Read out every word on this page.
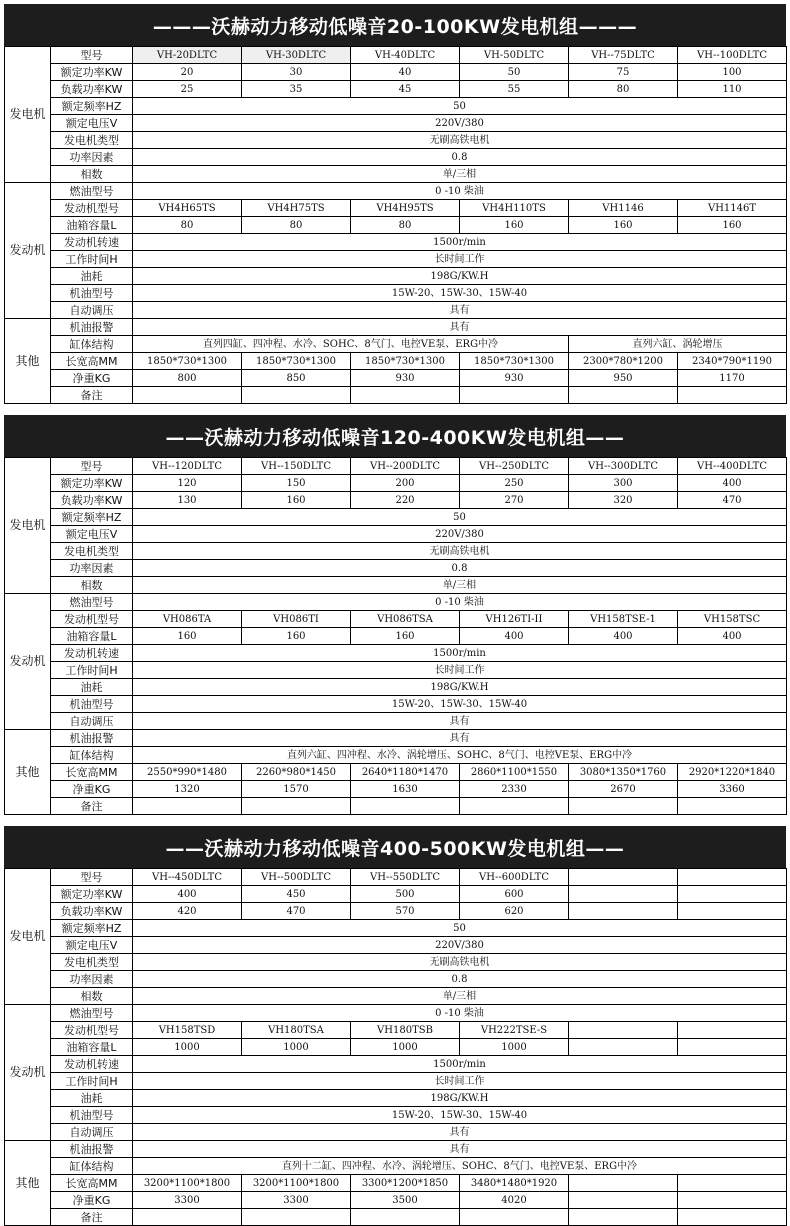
———沃赫动力移动低噪音20-100KW发电机组———
发电机	型号	VH-20DLTC	VH-30DLTC	VH-40DLTC	VH-50DLTC	VH--75DLTC	VH--100DLTC
	额定功率KW	20	30	40	50	75	100
	负载功率KW	25	35	45	55	80	110
	额定频率HZ	50					
	额定电压V	220V/380					
	发电机类型	无刷高铁电机					
	功率因素	0.8					
	相数	单/三相					
发动机	燃油型号	0 -10 柴油					
	发动机型号	VH4H65TS	VH4H75TS	VH4H95TS	VH4H110TS	VH1146	VH1146T
	油箱容量L	80	80	80	160	160	160
	发动机转速	1500r/min					
	工作时间H	长时间工作					
	油耗	198G/KW.H					
	机油型号	15W-20、15W-30、15W-40					
	自动调压	具有					
其他	机油报警	具有					
	缸体结构	直列四缸、四冲程、水冷、SOHC、8气门、电控VE泵、ERG中冷				直列六缸、涡轮增压	
	长宽高MM	1850*730*1300	1850*730*1300	1850*730*1300	1850*730*1300	2300*780*1200	2340*790*1190
	净重KG	800	850	930	930	950	1170
	备注						
——沃赫动力移动低噪音120-400KW发电机组——
发电机	型号	VH--120DLTC	VH--150DLTC	VH--200DLTC	VH--250DLTC	VH--300DLTC	VH--400DLTC
	额定功率KW	120	150	200	250	300	400
	负载功率KW	130	160	220	270	320	470
	额定频率HZ	50					
	额定电压V	220V/380					
	发电机类型	无刷高铁电机					
	功率因素	0.8					
	相数	单/三相					
发动机	燃油型号	0 -10 柴油					
	发动机型号	VH086TA	VH086TI	VH086TSA	VH126TI-II	VH158TSE-1	VH158TSC
	油箱容量L	160	160	160	400	400	400
	发动机转速	1500r/min					
	工作时间H	长时间工作					
	油耗	198G/KW.H					
	机油型号	15W-20、15W-30、15W-40					
	自动调压	具有					
其他	机油报警	具有					
	缸体结构	直列六缸、四冲程、水冷、涡轮增压、SOHC、8气门、电控VE泵、ERG中冷					
	长宽高MM	2550*990*1480	2260*980*1450	2640*1180*1470	2860*1100*1550	3080*1350*1760	2920*1220*1840
	净重KG	1320	1570	1630	2330	2670	3360
	备注						
——沃赫动力移动低噪音400-500KW发电机组——
发电机	型号	VH--450DLTC	VH--500DLTC	VH--550DLTC	VH--600DLTC		
	额定功率KW	400	450	500	600		
	负载功率KW	420	470	570	620		
	额定频率HZ	50					
	额定电压V	220V/380					
	发电机类型	无刷高铁电机					
	功率因素	0.8					
	相数	单/三相					
发动机	燃油型号	0 -10 柴油					
	发动机型号	VH158TSD	VH180TSA	VH180TSB	VH222TSE-S		
	油箱容量L	1000	1000	1000	1000		
	发动机转速	1500r/min					
	工作时间H	长时间工作					
	油耗	198G/KW.H					
	机油型号	15W-20、15W-30、15W-40					
	自动调压	具有					
其他	机油报警	具有					
	缸体结构	直列十二缸、四冲程、水冷、涡轮增压、SOHC、8气门、电控VE泵、ERG中冷					
	长宽高MM	3200*1100*1800	3200*1100*1800	3300*1200*1850	3480*1480*1920		
	净重KG	3300	3300	3500	4020		
	备注						
